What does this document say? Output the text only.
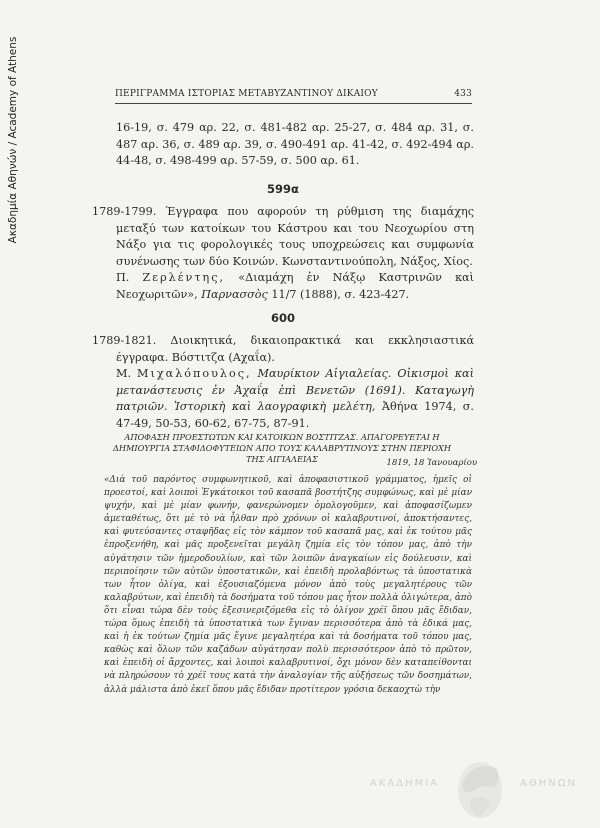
Ακαδημία Αθηνών / Academy of Athens	ΠΕΡΙΓΡΑΜΜΑ ΙΣΤΟΡΙΑΣ ΜΕΤΑΒΥΖΑΝΤΙΝΟΥ ΔΙΚΑΙΟΥ	433

16-19, σ. 479 αρ. 22, σ. 481-482 αρ. 25-27, σ. 484 αρ. 31, σ. 487 αρ. 36, σ. 489 αρ. 39, σ. 490-491 αρ. 41-42, σ. 492-494 αρ. 44-48, σ. 498-499 αρ. 57-59, σ. 500 αρ. 61.

599α

1789-1799. Έγγραφα που αφορούν τη ρύθμιση της διαμάχης μεταξύ των κατοίκων του Κάστρου και του Νεοχωρίου στη Νάξο για τις φορολογικές τους υποχρεώσεις και συμφωνία συνένωσης των δύο Κοινών. Κωνσταντινούπολη, Νάξος, Χίος.

Π. Ζερλέντης, «Διαμάχη ἐν Νάξῳ Καστρινῶν καὶ Νεοχωριτῶν», Παρνασσὸς 11/7 (1888), σ. 423-427.

600

1789-1821. Διοικητικά, δικαιοπρακτικά και εκκλησιαστικά έγγραφα. Βόστιτζα (Αχαΐα).

Μ. Μιχαλόπουλος, Μαυρίκιον Αἰγιαλείας. Οἰκισμοὶ καὶ μετανάστευσις ἐν Ἀχαΐᾳ ἐπὶ Βενετῶν (1691). Καταγωγὴ πατριῶν. Ἱστορικὴ καὶ λαογραφικὴ μελέτη, Ἀθήνα 1974, σ. 47-49, 50-53, 60-62, 67-75, 87-91.

ΑΠΟΦΑΣΗ ΠΡΟΕΣΤΩΤΩΝ ΚΑΙ ΚΑΤΟΙΚΩΝ ΒΟΣΤΙΤΖΑΣ. ΑΠΑΓΟΡΕΥΕΤΑΙ Η ΔΗΜΙΟΥΡΓΙΑ ΣΤΑΦΙΔΟΦΥΤΕΙΩΝ ΑΠΟ ΤΟΥΣ ΚΑΛΑΒΡΥΤΙΝΟΥΣ ΣΤΗΝ ΠΕΡΙΟΧΗ ΤΗΣ ΑΙΓΙΑΛΕΙΑΣ	1819, 18 Ἰανουαρίου
«Διὰ τοῦ παρόντος συμφωνητικοῦ, καὶ ἀποφασιστικοῦ γράμματος, ἡμεῖς οἱ προεστοί, καὶ λοιποὶ Ἐγκάτοικοι τοῦ κασαπᾶ βοστήτζης συμφώνως, καὶ μὲ μίαν ψυχήν, καὶ μὲ μίαν φωνήν, φανερώνομεν ὁμολογοῦμεν, καὶ ἀποφασίζωμεν ἀμεταθέτως, ὅτι μὲ τὸ νὰ ἦλθαν πρὸ χρόνων οἱ καλαβρυτινοί, ἀποκτήσαντες, καὶ φυτεύσαντες σταφῆδας εἰς τὸν κάμπον τοῦ κασαπᾶ μας, καὶ ἐκ τούτου μᾶς ἐπροξενήθη, καὶ μᾶς προξενεῖται μεγάλη ζημία εἰς τὸν τόπον μας, ἀπὸ τὴν αὐγάτησιν τῶν ἡμεροδουλίων, καὶ τῶν λοιπῶν ἀναγκαίων εἰς δούλευσιν, καὶ περιποίησιν τῶν αὐτῶν ὑποστατικῶν, καὶ ἐπειδὴ προλαβόντως τὰ ὑποστατικὰ των ἦτον ὀλίγα, καὶ ἐξουσιαζόμενα μόνον ἀπὸ τοὺς μεγαλητέρους τῶν καλαβρύτων, καὶ ἐπειδὴ τὰ δοσήματα τοῦ τόπου μας ἦτον πολλὰ ὀλιγώτερα, ἀπὸ ὅτι εἶναι τώρα δὲν τοὺς ἐξεσινεριζόμεθα εἰς τὸ ὀλίγον χρέϊ ὅπου μᾶς ἔδιδαν, τώρα ὅμως ἐπειδὴ τὰ ὑποστατικὰ των ἔγιναν περισσότερα ἀπὸ τὰ ἐδικά μας, καὶ ἡ ἐκ τούτων ζημία μᾶς ἔγινε μεγαλητέρα καὶ τὰ δοσήματα τοῦ τόπου μας, καθὼς καὶ ὅλων τῶν καζάδων αὐγάτησαν πολὺ περισσότερον ἀπὸ τὸ πρῶτον, καὶ ἐπειδὴ οἱ ἄρχοντες, καὶ λοιποὶ καλαβρυτινοί, ὄχι μόνον δὲν καταπείθονται νὰ πληρώσουν τὸ χρέϊ τους κατὰ τὴν ἀναλογίαν τῆς αὐξήσεως τῶν δοσημάτων, ἀλλὰ μάλιστα ἀπὸ ἐκεῖ ὅπου μᾶς ἔδιδαν προτίτερον γρόσια δεκαοχτὼ τὴν
ΑΚΑΔΗΜΙΑ	ΑΘΗΝΩΝ
